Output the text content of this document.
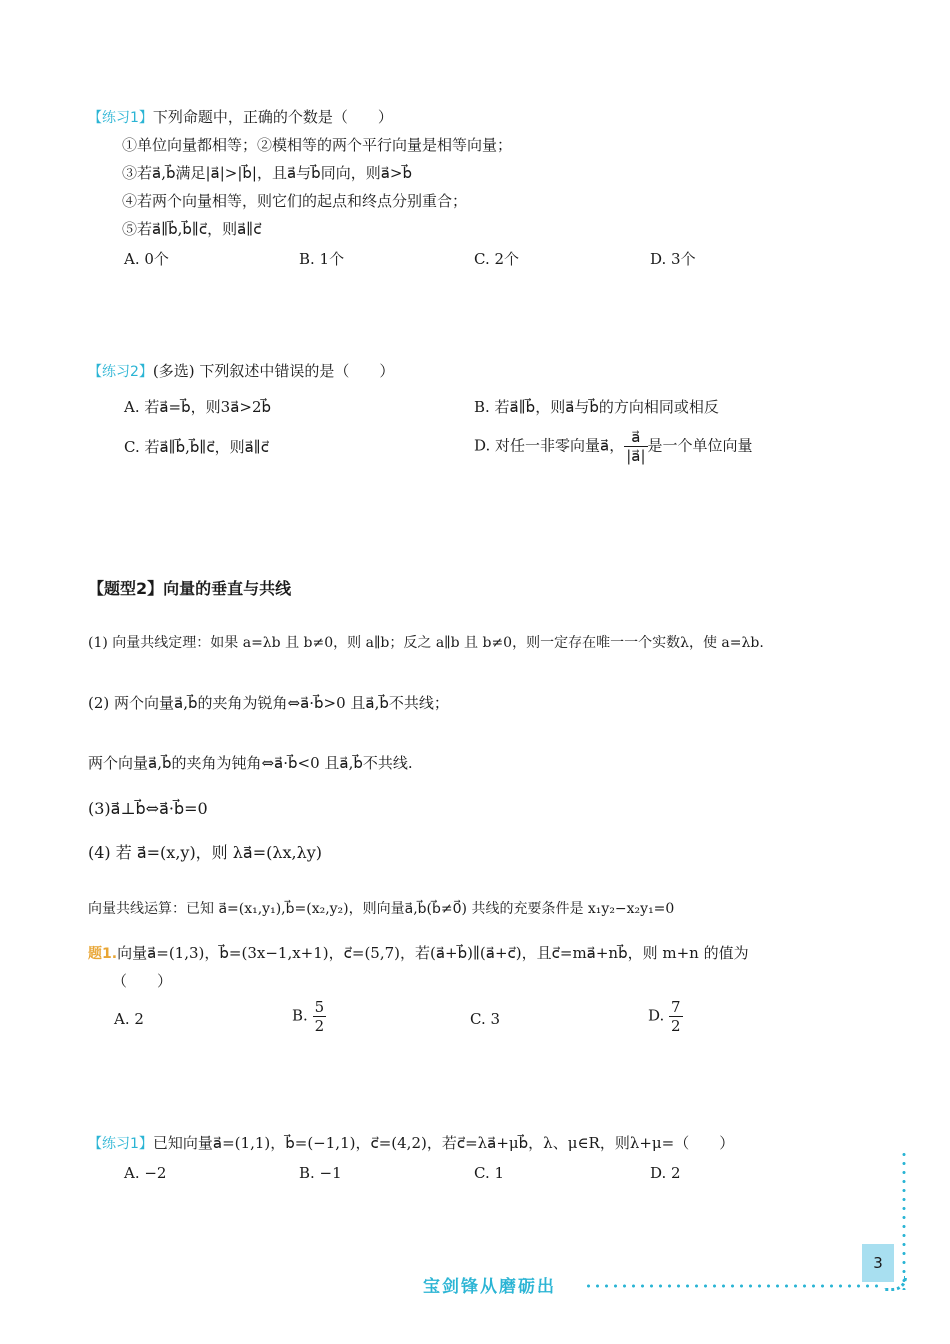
【练习1】下列命题中，正确的个数是（　　）
①单位向量都相等；②模相等的两个平行向量是相等向量；
③若a⃗,b⃗满足|a⃗|>|b⃗|，且a⃗与b⃗同向，则a⃗>b⃗
④若两个向量相等，则它们的起点和终点分别重合；
⑤若a⃗∥b⃗,b⃗∥c⃗，则a⃗∥c⃗
A. 0个	B. 1个	C. 2个	D. 3个
【练习2】(多选) 下列叙述中错误的是（　　）
A. 若a⃗=b⃗，则3a⃗>2b⃗	B. 若a⃗∥b⃗，则a⃗与b⃗的方向相同或相反
C. 若a⃗∥b⃗,b⃗∥c⃗，则a⃗∥c⃗	D. 对任一非零向量a⃗， $\frac{a⃗}{|a⃗|}$ 是一个单位向量
【题型2】向量的垂直与共线
(1) 向量共线定理：如果 a=λb 且 b≠0，则 a∥b；反之 a∥b 且 b≠0，则一定存在唯一一个实数λ，使 a=λb.
(2) 两个向量a⃗,b⃗的夹角为锐角⇔a⃗·b⃗>0 且a⃗,b⃗不共线；
两个向量a⃗,b⃗的夹角为钝角⇔a⃗·b⃗<0 且a⃗,b⃗不共线.
(3)a⃗⊥b⃗⇔a⃗·b⃗=0
(4) 若 a⃗=(x,y)，则 λa⃗=(λx,λy)
向量共线运算：已知 a⃗=(x₁,y₁),b⃗=(x₂,y₂)，则向量a⃗,b⃗(b⃗≠0⃗) 共线的充要条件是 x₁y₂−x₂y₁=0
题1.向量a⃗=(1,3)，b⃗=(3x−1,x+1)，c⃗=(5,7)，若(a⃗+b⃗)∥(a⃗+c⃗)，且c⃗=ma⃗+nb⃗，则 m+n 的值为
（　　）
A. 2	B. $\frac{5}{2}$	C. 3	D. $\frac{7}{2}$
【练习1】已知向量a⃗=(1,1)，b⃗=(−1,1)，c⃗=(4,2)，若c⃗=λa⃗+μb⃗，λ、μ∈R，则λ+μ=（　　）
A. −2	B. −1	C. 1	D. 2
3
宝剑锋从磨砺出
